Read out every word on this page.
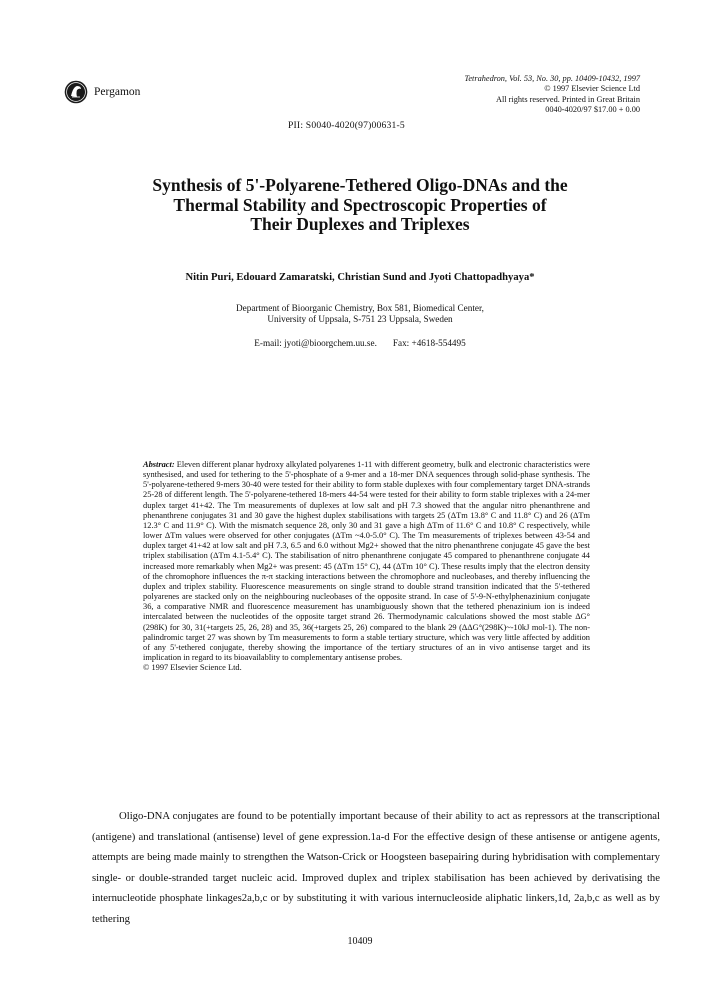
Pergamon
Tetrahedron, Vol. 53, No. 30, pp. 10409-10432, 1997
© 1997 Elsevier Science Ltd
All rights reserved. Printed in Great Britain
0040-4020/97 $17.00 + 0.00
PII: S0040-4020(97)00631-5
Synthesis of 5'-Polyarene-Tethered Oligo-DNAs and the
Thermal Stability and Spectroscopic Properties of
Their Duplexes and Triplexes
Nitin Puri, Edouard Zamaratski, Christian Sund and Jyoti Chattopadhyaya*
Department of Bioorganic Chemistry, Box 581, Biomedical Center,
University of Uppsala, S-751 23 Uppsala, Sweden
E-mail: jyoti@bioorgchem.uu.se. Fax: +4618-554495
Abstract: Eleven different planar hydroxy alkylated polyarenes 1-11 with different geometry, bulk and electronic characteristics were synthesised, and used for tethering to the 5'-phosphate of a 9-mer and a 18-mer DNA sequences through solid-phase synthesis. The 5'-polyarene-tethered 9-mers 30-40 were tested for their ability to form stable duplexes with four complementary target DNA-strands 25-28 of different length. The 5'-polyarene-tethered 18-mers 44-54 were tested for their ability to form stable triplexes with a 24-mer duplex target 41+42. The Tm measurements of duplexes at low salt and pH 7.3 showed that the angular nitro phenanthrene and phenanthrene conjugates 31 and 30 gave the highest duplex stabilisations with targets 25 (ΔTm 13.8° C and 11.8° C) and 26 (ΔTm 12.3° C and 11.9° C). With the mismatch sequence 28, only 30 and 31 gave a high ΔTm of 11.6° C and 10.8° C respectively, while lower ΔTm values were observed for other conjugates (ΔTm ~4.0-5.0° C). The Tm measurements of triplexes between 43-54 and duplex target 41+42 at low salt and pH 7.3, 6.5 and 6.0 without Mg2+ showed that the nitro phenanthrene conjugate 45 gave the best triplex stabilisation (ΔTm 4.1-5.4° C). The stabilisation of nitro phenanthrene conjugate 45 compared to phenanthrene conjugate 44 increased more remarkably when Mg2+ was present: 45 (ΔTm 15° C), 44 (ΔTm 10° C). These results imply that the electron density of the chromophore influences the π-π stacking interactions between the chromophore and nucleobases, and thereby influencing the duplex and triplex stability. Fluorescence measurements on single strand to double strand transition indicated that the 5'-tethered polyarenes are stacked only on the neighbouring nucleobases of the opposite strand. In case of 5'-9-N-ethylphenazinium conjugate 36, a comparative NMR and fluorescence measurement has unambiguously shown that the tethered phenazinium ion is indeed intercalated between the nucleotides of the opposite target strand 26. Thermodynamic calculations showed the most stable ΔG°(298K) for 30, 31(+targets 25, 26, 28) and 35, 36(+targets 25, 26) compared to the blank 29 (ΔΔG°(298K)~-10kJ mol-1). The non-palindromic target 27 was shown by Tm measurements to form a stable tertiary structure, which was very little affected by addition of any 5'-tethered conjugate, thereby showing the importance of the tertiary structures of an in vivo antisense target and its implication in regard to its bioavailablity to complementary antisense probes.
© 1997 Elsevier Science Ltd.
Oligo-DNA conjugates are found to be potentially important because of their ability to act as repressors at the transcriptional (antigene) and translational (antisense) level of gene expression.1a-d For the effective design of these antisense or antigene agents, attempts are being made mainly to strengthen the Watson-Crick or Hoogsteen basepairing during hybridisation with complementary single- or double-stranded target nucleic acid. Improved duplex and triplex stabilisation has been achieved by derivatising the internucleotide phosphate linkages2a,b,c or by substituting it with various internucleoside aliphatic linkers,1d, 2a,b,c as well as by tethering
10409
